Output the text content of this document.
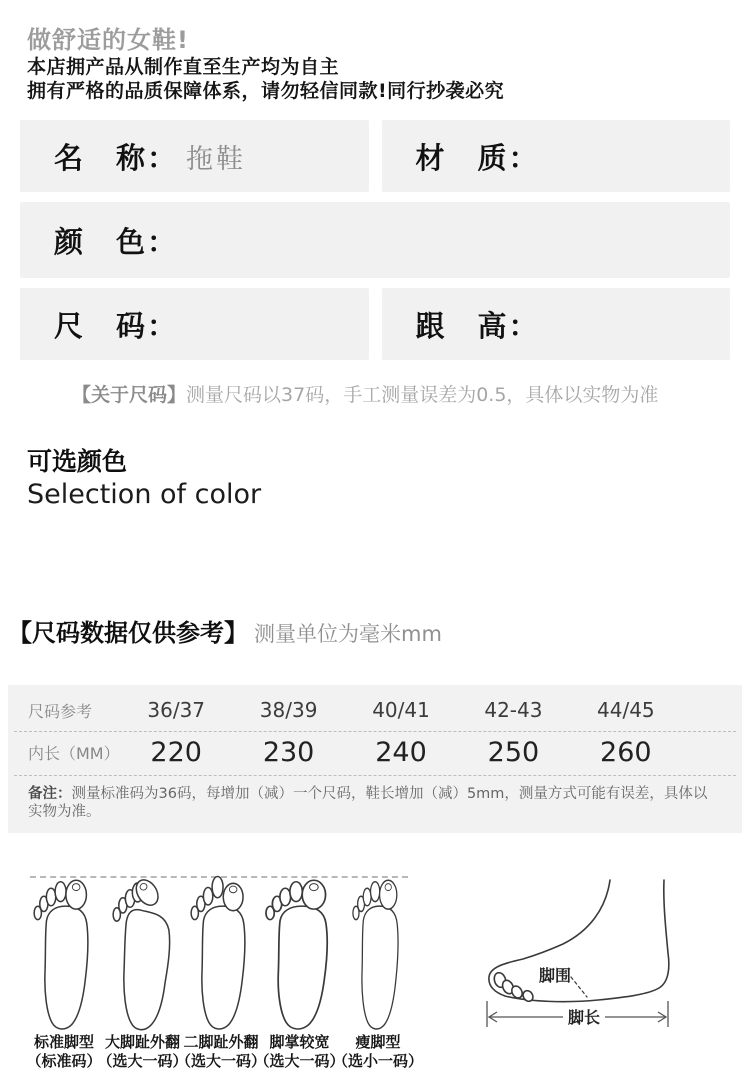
做舒适的女鞋!
本店拥产品从制作直至生产均为自主
拥有严格的品质保障体系，请勿轻信同款!同行抄袭必究
名　称： 拖鞋	材　质：
颜　色：
尺　码：	跟　高：

【关于尺码】测量尺码以37码，手工测量误差为0.5，具体以实物为准

可选颜色
Selection of color
【尺码数据仅供参考】 测量单位为毫米mm
尺码参考	36/37	38/39	40/41	42-43	44/45
内长（MM）	220	230	240	250	260

备注：测量标准码为36码，每增加（减）一个尺码，鞋长增加（减）5mm，测量方式可能有误差，具体以实物为准。

标准脚型
（标准码）
大脚趾外翻
（选大一码）
二脚趾外翻
（选大一码）
脚掌较宽
（选大一码）
瘦脚型
（选小一码）
脚围
脚长
